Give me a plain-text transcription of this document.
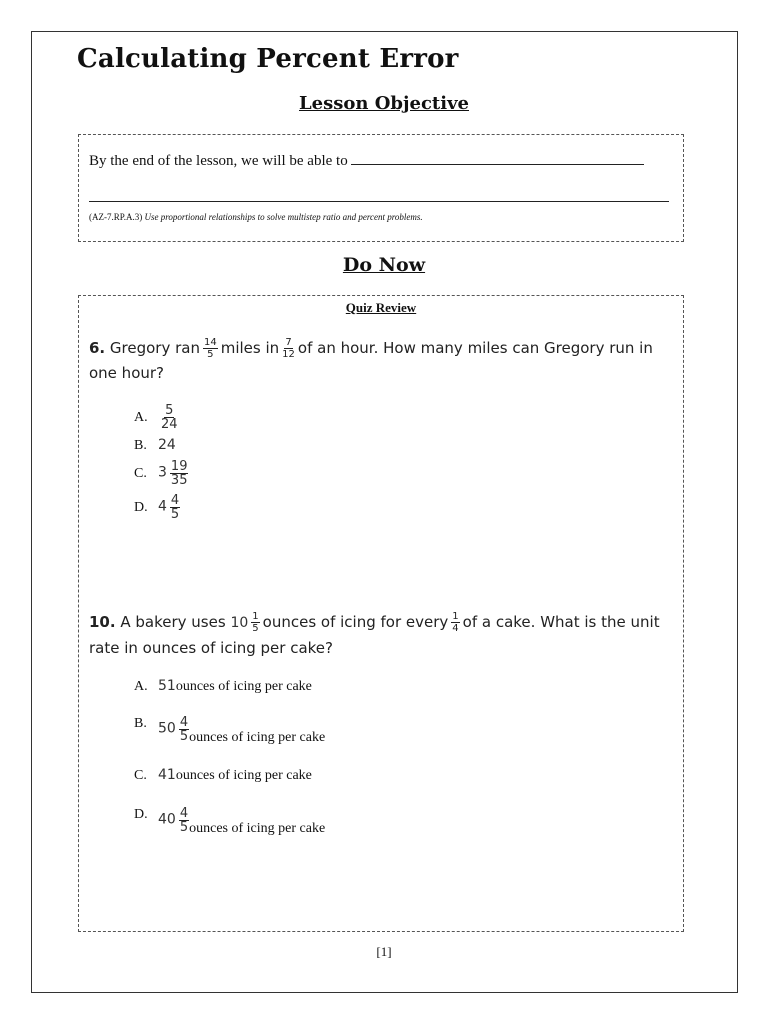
Calculating Percent Error
Lesson Objective
By the end of the lesson, we will be able to
(AZ-7.RP.A.3) Use proportional relationships to solve multistep ratio and percent problems.
Do Now
Quiz Review
6. Gregory ran $\frac{14}{5}$ miles in $\frac{7}{12}$ of an hour. How many miles can Gregory run in
one hour?
A. $\frac{5}{24}$
B. 24
C. $3 \frac{19}{35}$
D. $4 \frac{4}{5}$
10. A bakery uses $10 \frac{1}{5}$ ounces of icing for every $\frac{1}{4}$ of a cake. What is the unit
rate in ounces of icing per cake?
A. 51ounces of icing per cake
B. $50 \frac{4}{5}$ ounces of icing per cake
C. 41ounces of icing per cake
D. $40 \frac{4}{5}$ ounces of icing per cake
[1]
